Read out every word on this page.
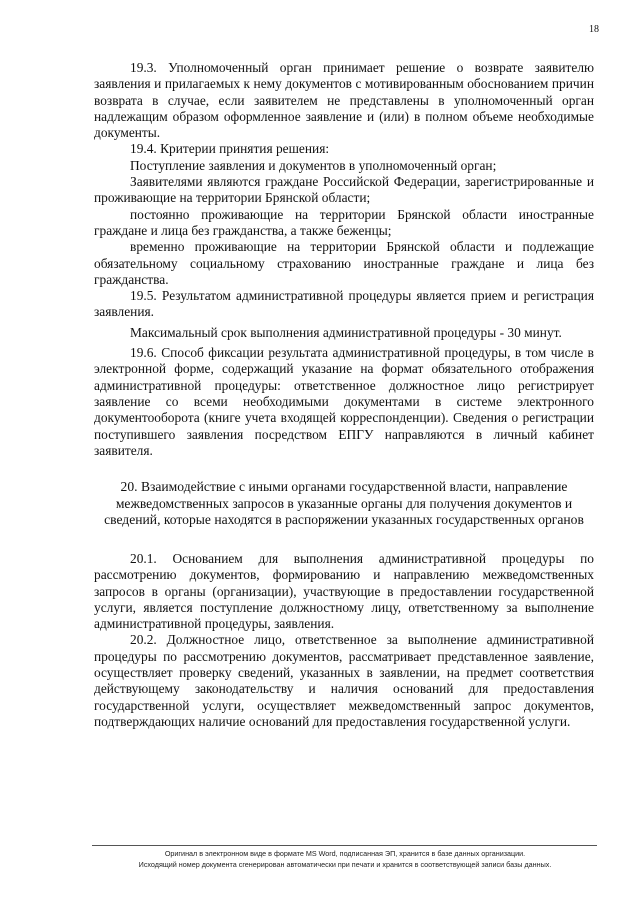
18

19.3. Уполномоченный орган принимает решение о возврате заявителю заявления и прилагаемых к нему документов с мотивированным обоснованием причин возврата в случае, если заявителем не представлены в уполномоченный орган надлежащим образом оформленное заявление и (или) в полном объеме необходимые документы.

19.4. Критерии принятия решения:

Поступление заявления и документов в уполномоченный орган;

Заявителями являются граждане Российской Федерации, зарегистрированные и проживающие на территории Брянской области;

постоянно проживающие на территории Брянской области иностранные граждане и лица без гражданства, а также беженцы;

временно проживающие на территории Брянской области и подлежащие обязательному социальному страхованию иностранные граждане и лица без гражданства.

19.5. Результатом административной процедуры является прием и регистрация заявления.

Максимальный срок выполнения административной процедуры - 30 минут.

19.6. Способ фиксации результата административной процедуры, в том числе в электронной форме, содержащий указание на формат обязательного отображения административной процедуры: ответственное должностное лицо регистрирует заявление со всеми необходимыми документами в системе электронного документооборота (книге учета входящей корреспонденции). Сведения о регистрации поступившего заявления посредством ЕПГУ направляются в личный кабинет заявителя.

20. Взаимодействие с иными органами государственной власти, направление межведомственных запросов в указанные органы для получения документов и сведений, которые находятся в распоряжении указанных государственных органов

20.1. Основанием для выполнения административной процедуры по рассмотрению документов, формированию и направлению межведомственных запросов в органы (организации), участвующие в предоставлении государственной услуги, является поступление должностному лицу, ответственному за выполнение административной процедуры, заявления.

20.2. Должностное лицо, ответственное за выполнение административной процедуры по рассмотрению документов, рассматривает представленное заявление, осуществляет проверку сведений, указанных в заявлении, на предмет соответствия действующему законодательству и наличия оснований для предоставления государственной услуги, осуществляет межведомственный запрос документов, подтверждающих наличие оснований для предоставления государственной услуги.

Оригинал в электронном виде в формате MS Word, подписанная ЭП, хранится в базе данных организации.
Исходящий номер документа сгенерирован автоматически при печати и хранится в соответствующей записи базы данных.
